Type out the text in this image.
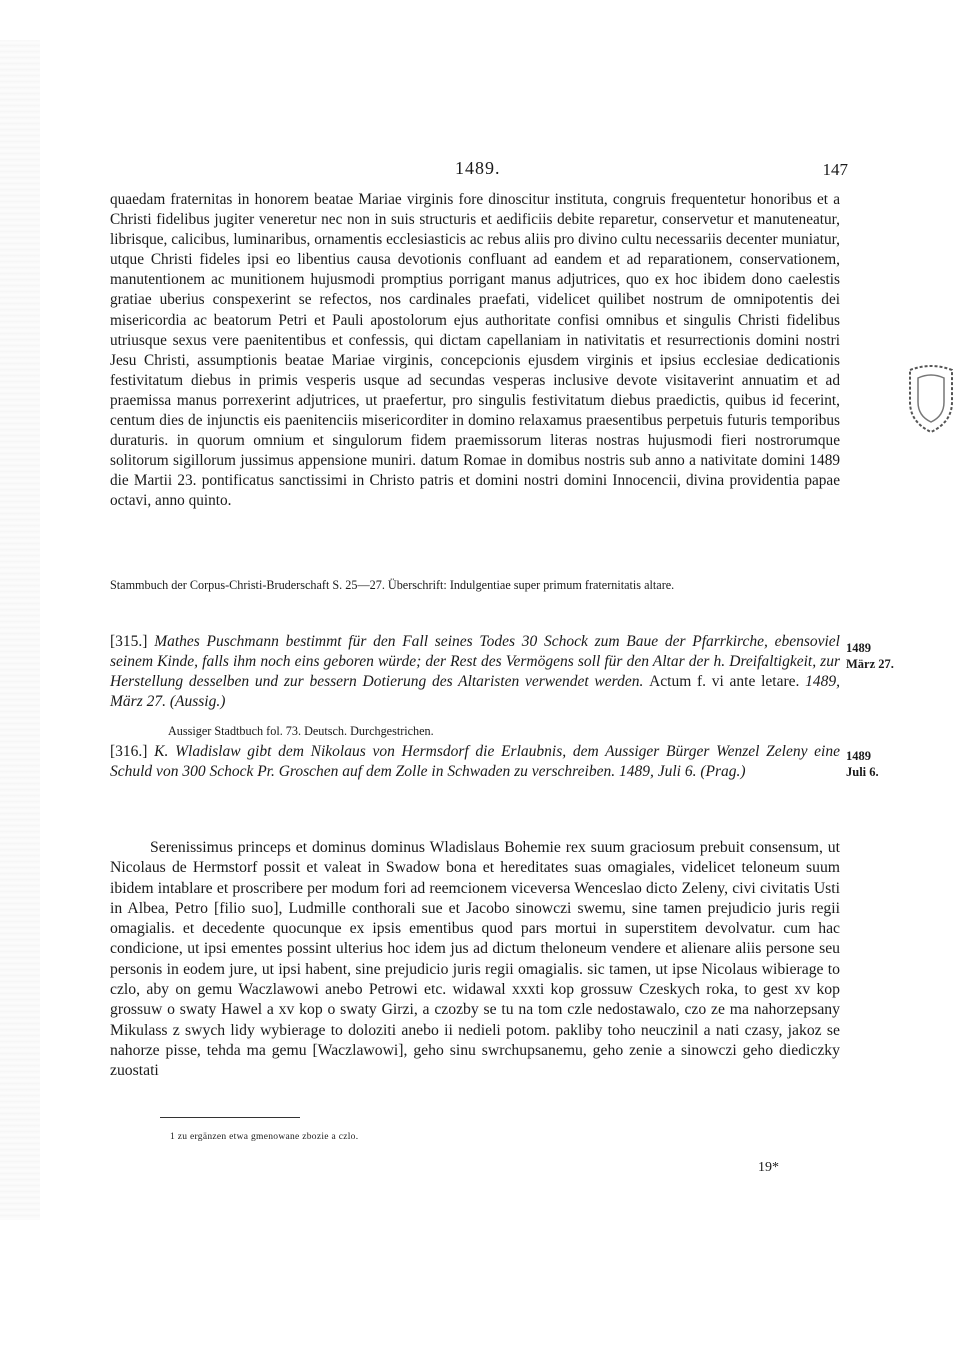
1489.	147

quaedam fraternitas in honorem beatae Mariae virginis fore dinoscitur instituta, congruis frequentetur honoribus et a Christi fidelibus jugiter veneretur nec non in suis structuris et aedificiis debite reparetur, conservetur et manuteneatur, librisque, calicibus, luminaribus, ornamentis ecclesiasticis ac rebus aliis pro divino cultu necessariis decenter muniatur, utque Christi fideles ipsi eo libentius causa devotionis confluant ad eandem et ad reparationem, conservationem, manutentionem ac munitionem hujusmodi promptius porrigant manus adjutrices, quo ex hoc ibidem dono caelestis gratiae uberius conspexerint se refectos, nos cardinales praefati, videlicet quilibet nostrum de omnipotentis dei misericordia ac beatorum Petri et Pauli apostolorum ejus authoritate confisi omnibus et singulis Christi fidelibus utriusque sexus vere paenitentibus et confessis, qui dictam capellaniam in nativitatis et resurrectionis domini nostri Jesu Christi, assumptionis beatae Mariae virginis, concepcionis ejusdem virginis et ipsius ecclesiae dedicationis festivitatum diebus in primis vesperis usque ad secundas vesperas inclusive devote visitaverint annuatim et ad praemissa manus porrexerint adjutrices, ut praefertur, pro singulis festivitatum diebus praedictis, quibus id fecerint, centum dies de injunctis eis paenitenciis misericorditer in domino relaxamus praesentibus perpetuis futuris temporibus duraturis. in quorum omnium et singulorum fidem praemissorum literas nostras hujusmodi fieri nostrorumque solitorum sigillorum jussimus appensione muniri. datum Romae in domibus nostris sub anno a nativitate domini 1489 die Martii 23. pontificatus sanctissimi in Christo patris et domini nostri domini Innocencii, divina providentia papae octavi, anno quinto.

Stammbuch der Corpus-Christi-Bruderschaft S. 25—27. Überschrift: Indulgentiae super primum fraternitatis altare.

[315.] Mathes Puschmann bestimmt für den Fall seines Todes 30 Schock zum Baue der Pfarrkirche, ebensoviel seinem Kinde, falls ihm noch eins geboren würde; der Rest des Vermögens soll für den Altar der h. Dreifaltigkeit, zur Herstellung desselben und zur bessern Dotierung des Altaristen verwendet werden. Actum f. vi ante letare. 1489, März 27. (Aussig.)

Aussiger Stadtbuch fol. 73. Deutsch. Durchgestrichen.

1489
März 27.

[316.] K. Wladislaw gibt dem Nikolaus von Hermsdorf die Erlaubnis, dem Aussiger Bürger Wenzel Zeleny eine Schuld von 300 Schock Pr. Groschen auf dem Zolle in Schwaden zu verschreiben. 1489, Juli 6. (Prag.)

1489
Juli 6.

Serenissimus princeps et dominus dominus Wladislaus Bohemie rex suum graciosum prebuit consensum, ut Nicolaus de Hermstorf possit et valeat in Swadow bona et hereditates suas omagiales, videlicet teloneum suum ibidem intablare et proscribere per modum fori ad reemcionem viceversa Wenceslao dicto Zeleny, civi civitatis Usti in Albea, Petro [filio suo], Ludmille conthorali sue et Jacobo sinowczi swemu, sine tamen prejudicio juris regii omagialis. et decedente quocunque ex ipsis ementibus quod pars mortui in superstitem devolvatur. cum hac condicione, ut ipsi ementes possint ulterius hoc idem jus ad dictum theloneum vendere et alienare aliis persone seu personis in eodem jure, ut ipsi habent, sine prejudicio juris regii omagialis. sic tamen, ut ipse Nicolaus wibierage to czlo, aby on gemu Waczlawowi anebo Petrowi etc. widawal xxxti kop grossuw Czeskych roka, to gest xv kop grossuw o swaty Hawel a xv kop o swaty Girzi, a czozby se tu na tom czle nedostawalo, czo ze ma nahorzepsany Mikulass z swych lidy wybierage to doloziti anebo ii nedieli potom. pakliby toho neuczinil a nati czasy, jakoz se nahorze pisse, tehda ma gemu [Waczlawowi], geho sinu swrchupsanemu, geho zenie a sinowczi geho diediczky zuostati

1 zu ergänzen etwa gmenowane zbozie a czlo.

19*
